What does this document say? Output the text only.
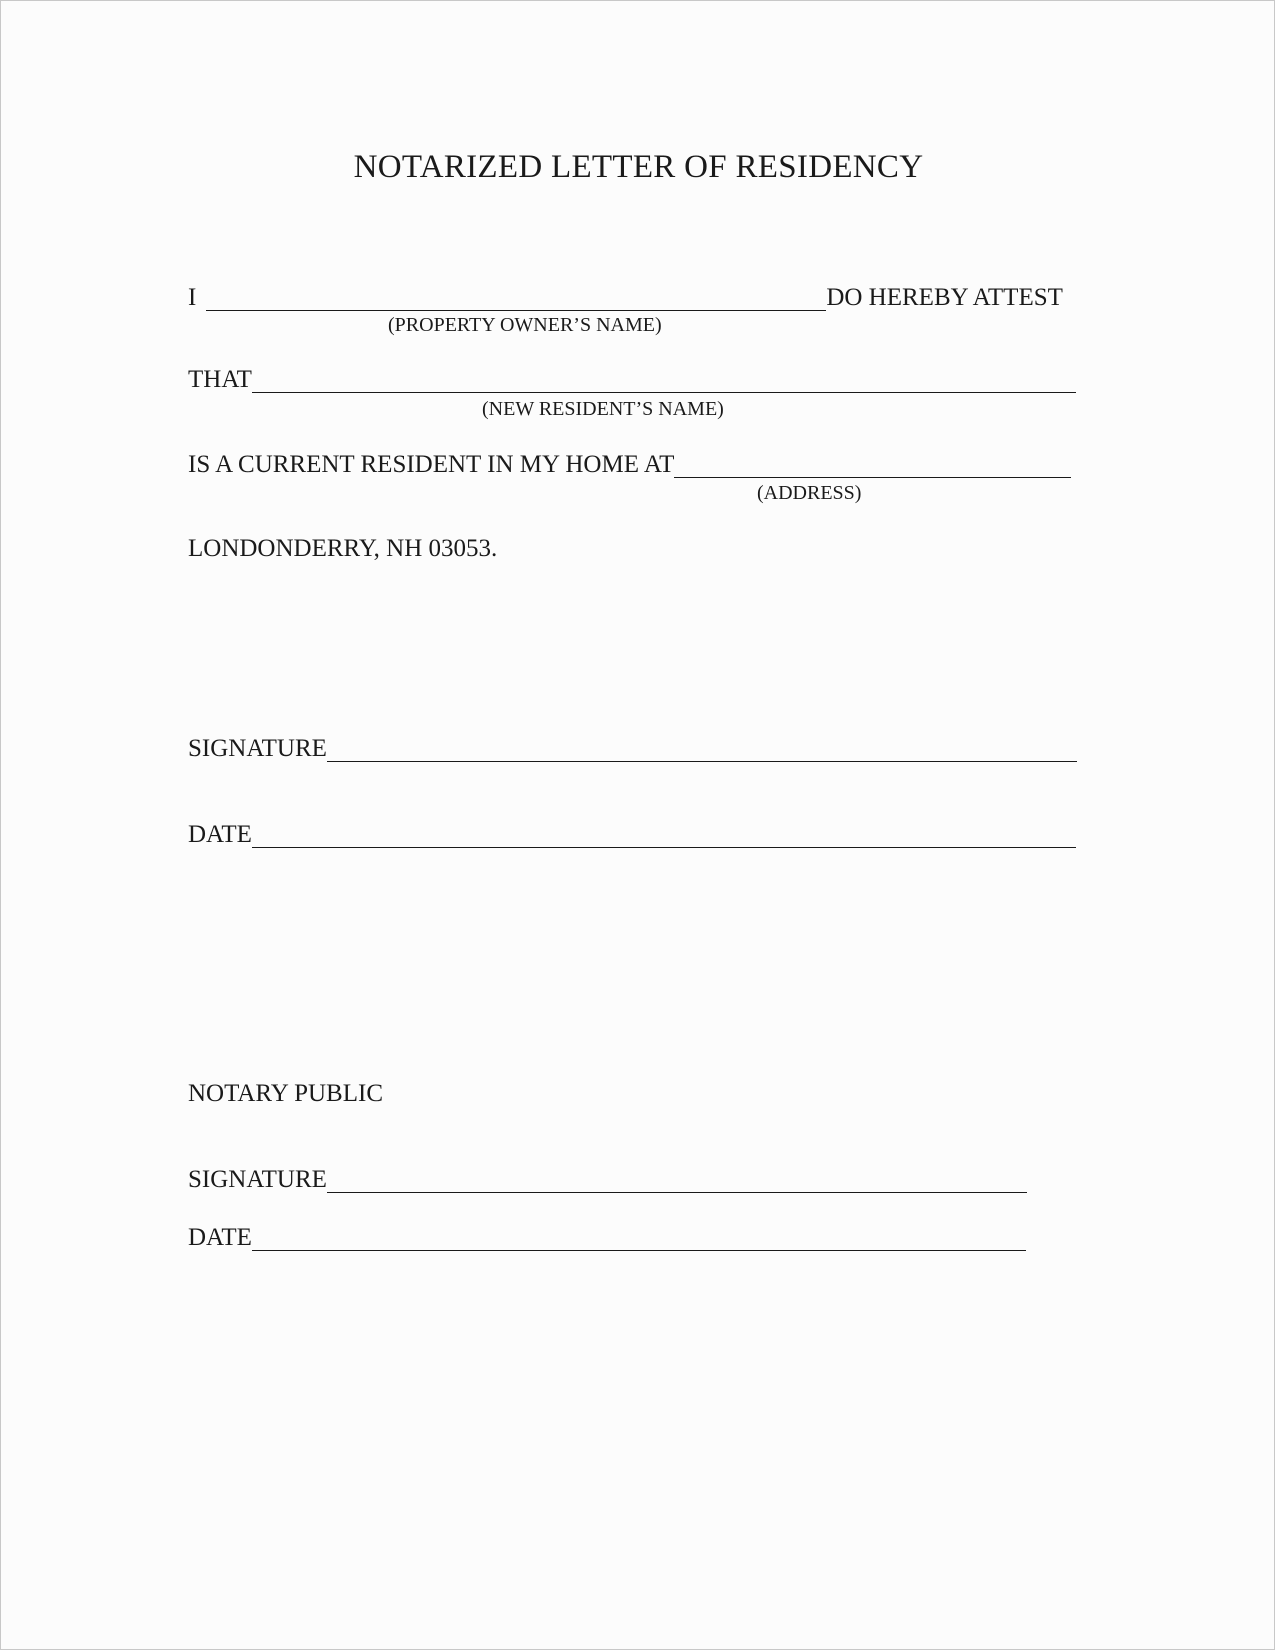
NOTARIZED LETTER OF RESIDENCY
I	DO HEREBY ATTEST
(PROPERTY OWNER’S NAME)
THAT
(NEW RESIDENT’S NAME)
IS A CURRENT RESIDENT IN MY HOME AT
(ADDRESS)
LONDONDERRY, NH 03053.
SIGNATURE
DATE
NOTARY PUBLIC
SIGNATURE
DATE
